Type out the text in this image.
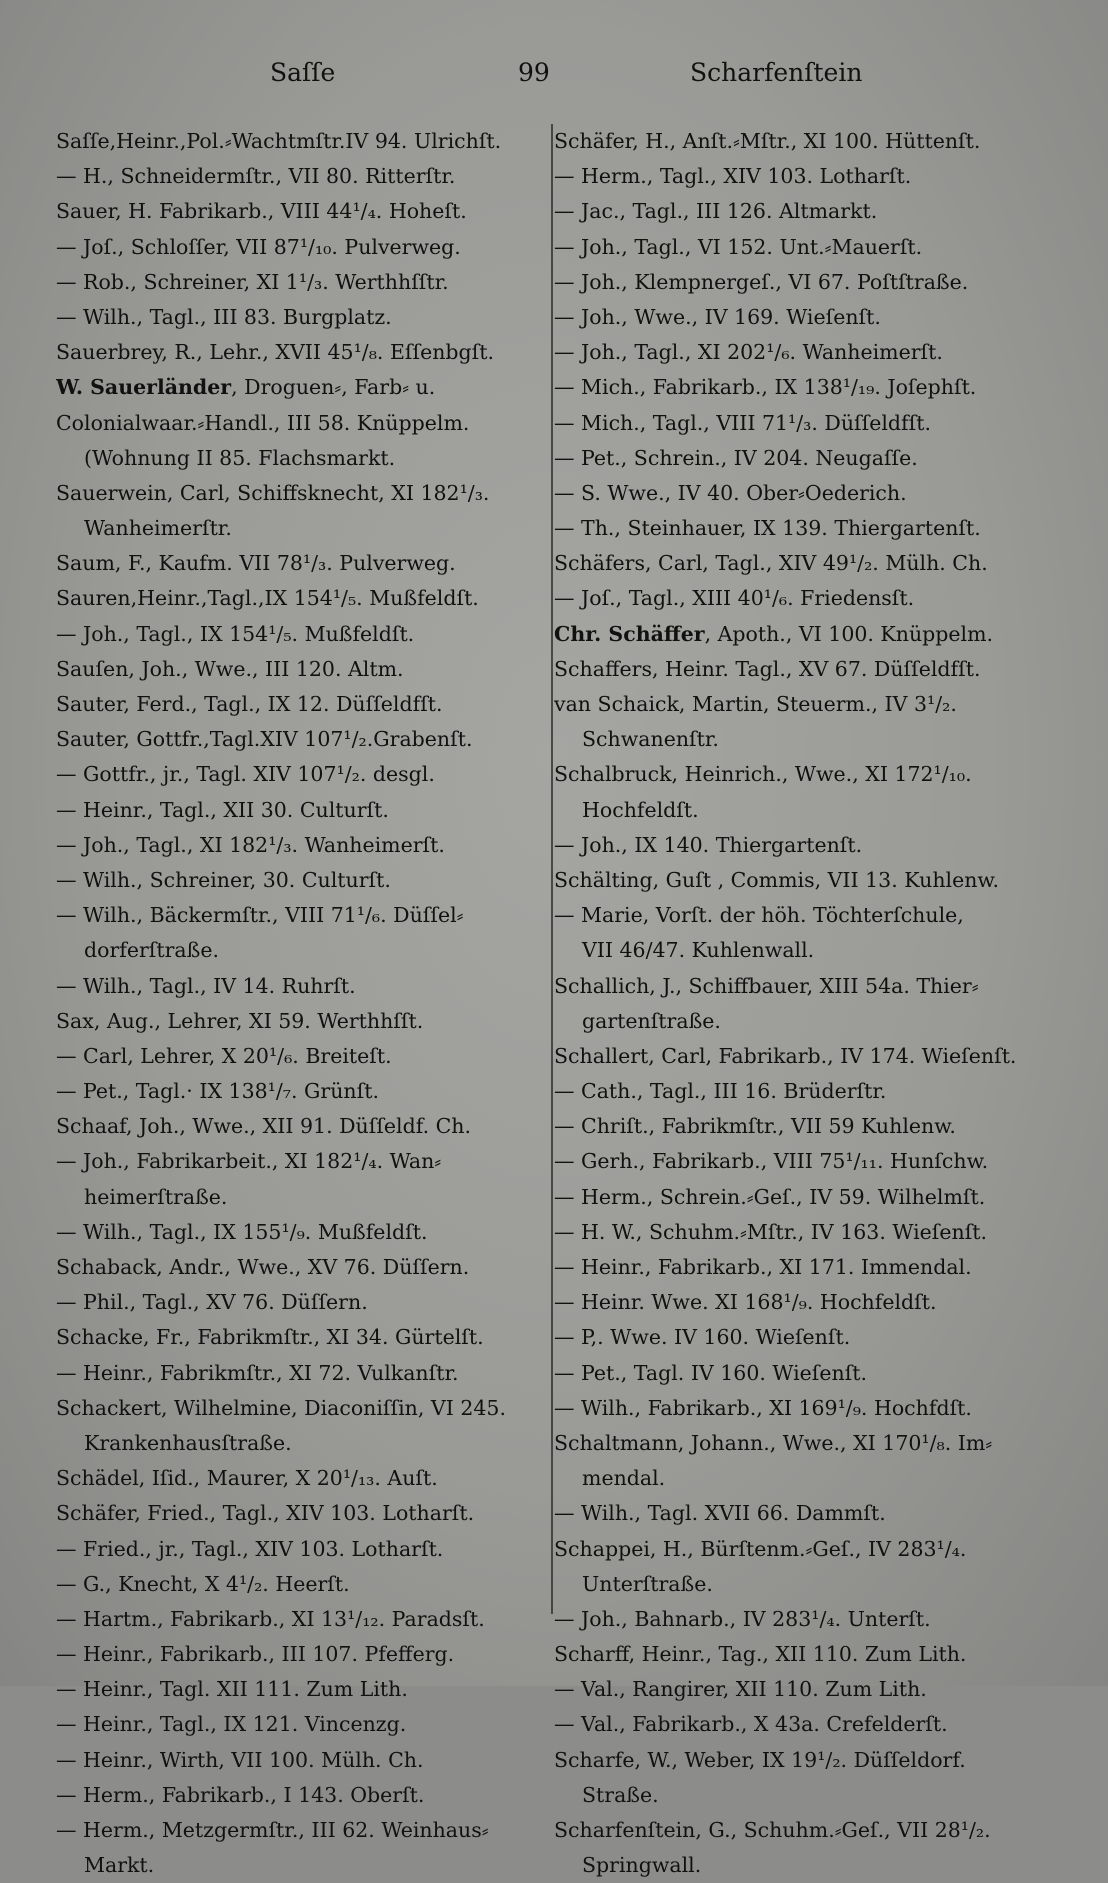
Saſſe	99	Scharfenſtein
Saſſe,Heinr.,Pol.⸗Wachtmſtr.IV 94. Ulrichſt.
— H., Schneidermſtr., VII 80. Ritterſtr.
Sauer, H. Fabrikarb., VIII 44¹/₄. Hoheſt.
— Joſ., Schloſſer, VII 87¹/₁₀. Pulverweg.
— Rob., Schreiner, XI 1¹/₃. Werthhſſtr.
— Wilh., Tagl., III 83. Burgplatz.
Sauerbrey, R., Lehr., XVII 45¹/₈. Eſſenbgſt.
W. Sauerländer, Droguen⸗, Farb⸗ u.
Colonialwaar.⸗Handl., III 58. Knüppelm.
(Wohnung II 85. Flachsmarkt.
Sauerwein, Carl, Schiffsknecht, XI 182¹/₃.
Wanheimerſtr.
Saum, F., Kaufm. VII 78¹/₃. Pulverweg.
Sauren,Heinr.,Tagl.,IX 154¹/₅. Mußfeldſt.
— Joh., Tagl., IX 154¹/₅. Mußfeldſt.
Sauſen, Joh., Wwe., III 120. Altm.
Sauter, Ferd., Tagl., IX 12. Düſſeldfſt.
Sauter, Gottfr.,Tagl.XIV 107¹/₂.Grabenſt.
— Gottfr., jr., Tagl. XIV 107¹/₂. desgl.
— Heinr., Tagl., XII 30. Culturſt.
— Joh., Tagl., XI 182¹/₃. Wanheimerſt.
— Wilh., Schreiner, 30. Culturſt.
— Wilh., Bäckermſtr., VIII 71¹/₆. Düſſel⸗
dorferſtraße.
— Wilh., Tagl., IV 14. Ruhrſt.
Sax, Aug., Lehrer, XI 59. Werthhſſt.
— Carl, Lehrer, X 20¹/₆. Breiteſt.
— Pet., Tagl.· IX 138¹/₇. Grünſt.
Schaaf, Joh., Wwe., XII 91. Düſſeldf. Ch.
— Joh., Fabrikarbeit., XI 182¹/₄. Wan⸗
heimerſtraße.
— Wilh., Tagl., IX 155¹/₉. Mußfeldſt.
Schaback, Andr., Wwe., XV 76. Düſſern.
— Phil., Tagl., XV 76. Düſſern.
Schacke, Fr., Fabrikmſtr., XI 34. Gürtelſt.
— Heinr., Fabrikmſtr., XI 72. Vulkanſtr.
Schackert, Wilhelmine, Diaconiſſin, VI 245.
Krankenhausſtraße.
Schädel, Iſid., Maurer, X 20¹/₁₃. Auſt.
Schäfer, Fried., Tagl., XIV 103. Lotharſt.
— Fried., jr., Tagl., XIV 103. Lotharſt.
— G., Knecht, X 4¹/₂. Heerſt.
— Hartm., Fabrikarb., XI 13¹/₁₂. Paradsſt.
— Heinr., Fabrikarb., III 107. Pfefferg.
— Heinr., Tagl. XII 111. Zum Lith.
— Heinr., Tagl., IX 121. Vincenzg.
— Heinr., Wirth, VII 100. Mülh. Ch.
— Herm., Fabrikarb., I 143. Oberſt.
— Herm., Metzgermſtr., III 62. Weinhaus⸗
Markt.
Schäfer, H., Anſt.⸗Mſtr., XI 100. Hüttenſt.
— Herm., Tagl., XIV 103. Lotharſt.
— Jac., Tagl., III 126. Altmarkt.
— Joh., Tagl., VI 152. Unt.⸗Mauerſt.
— Joh., Klempnergeſ., VI 67. Poſtſtraße.
— Joh., Wwe., IV 169. Wieſenſt.
— Joh., Tagl., XI 202¹/₆. Wanheimerſt.
— Mich., Fabrikarb., IX 138¹/₁₉. Joſephſt.
— Mich., Tagl., VIII 71¹/₃. Düſſeldfſt.
— Pet., Schrein., IV 204. Neugaſſe.
— S. Wwe., IV 40. Ober⸗Oederich.
— Th., Steinhauer, IX 139. Thiergartenſt.
Schäfers, Carl, Tagl., XIV 49¹/₂. Mülh. Ch.
— Joſ., Tagl., XIII 40¹/₆. Friedensſt.
Chr. Schäffer, Apoth., VI 100. Knüppelm.
Schaffers, Heinr. Tagl., XV 67. Düſſeldfſt.
van Schaick, Martin, Steuerm., IV 3¹/₂.
Schwanenſtr.
Schalbruck, Heinrich., Wwe., XI 172¹/₁₀.
Hochfeldſt.
— Joh., IX 140. Thiergartenſt.
Schälting, Guſt , Commis, VII 13. Kuhlenw.
— Marie, Vorſt. der höh. Töchterſchule,
VII 46/47. Kuhlenwall.
Schallich, J., Schiffbauer, XIII 54a. Thier⸗
gartenſtraße.
Schallert, Carl, Fabrikarb., IV 174. Wieſenſt.
— Cath., Tagl., III 16. Brüderſtr.
— Chriſt., Fabrikmſtr., VII 59 Kuhlenw.
— Gerh., Fabrikarb., VIII 75¹/₁₁. Hunſchw.
— Herm., Schrein.⸗Geſ., IV 59. Wilhelmſt.
— H. W., Schuhm.⸗Mſtr., IV 163. Wieſenſt.
— Heinr., Fabrikarb., XI 171. Immendal.
— Heinr. Wwe. XI 168¹/₉. Hochfeldſt.
— P,. Wwe. IV 160. Wieſenſt.
— Pet., Tagl. IV 160. Wieſenſt.
— Wilh., Fabrikarb., XI 169¹/₉. Hochfdſt.
Schaltmann, Johann., Wwe., XI 170¹/₈. Im⸗
mendal.
— Wilh., Tagl. XVII 66. Dammſt.
Schappei, H., Bürſtenm.⸗Geſ., IV 283¹/₄.
Unterſtraße.
— Joh., Bahnarb., IV 283¹/₄. Unterſt.
Scharff, Heinr., Tag., XII 110. Zum Lith.
— Val., Rangirer, XII 110. Zum Lith.
— Val., Fabrikarb., X 43a. Crefelderſt.
Scharfe, W., Weber, IX 19¹/₂. Düſſeldorf.
Straße.
Scharfenſtein, G., Schuhm.⸗Geſ., VII 28¹/₂.
Springwall.
